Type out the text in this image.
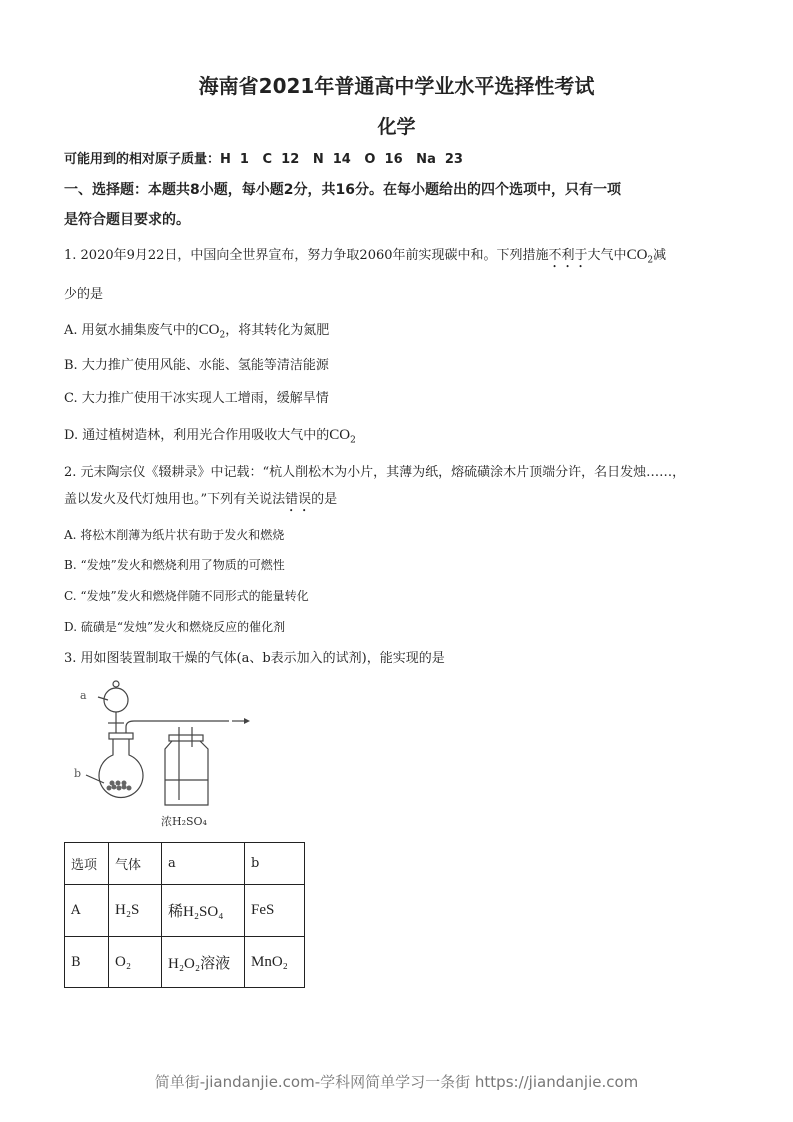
海南省2021年普通高中学业水平选择性考试
化学
可能用到的相对原子质量：H  1   C  12   N  14   O  16   Na  23
一、选择题：本题共8小题，每小题2分，共16分。在每小题给出的四个选项中，只有一项
是符合题目要求的。
1. 2020年9月22日，中国向全世界宣布，努力争取2060年前实现碳中和。下列措施不利于大气中$CO_2$减
少的是
A. 用氨水捕集废气中的$CO_2$，将其转化为氮肥
B. 大力推广使用风能、水能、氢能等清洁能源
C. 大力推广使用干冰实现人工增雨，缓解旱情
D. 通过植树造林，利用光合作用吸收大气中的$CO_2$
2. 元末陶宗仪《辍耕录》中记载：“杭人削松木为小片，其薄为纸，熔硫磺涂木片顶端分许，名日发烛……，
盖以发火及代灯烛用也。”下列有关说法错误的是
A. 将松木削薄为纸片状有助于发火和燃烧
B. “发烛”发火和燃烧利用了物质的可燃性
C. “发烛”发火和燃烧伴随不同形式的能量转化
D. 硫磺是“发烛”发火和燃烧反应的催化剂
3. 用如图装置制取干燥的气体(a、b表示加入的试剂)，能实现的是
a
b
浓H₂SO₄
选项	气体	a	b
A	H₂S	稀H₂SO₄	FeS
B	O₂	H₂O₂溶液	MnO₂
简单街-jiandanjie.com-学科网简单学习一条街 https://jiandanjie.com
